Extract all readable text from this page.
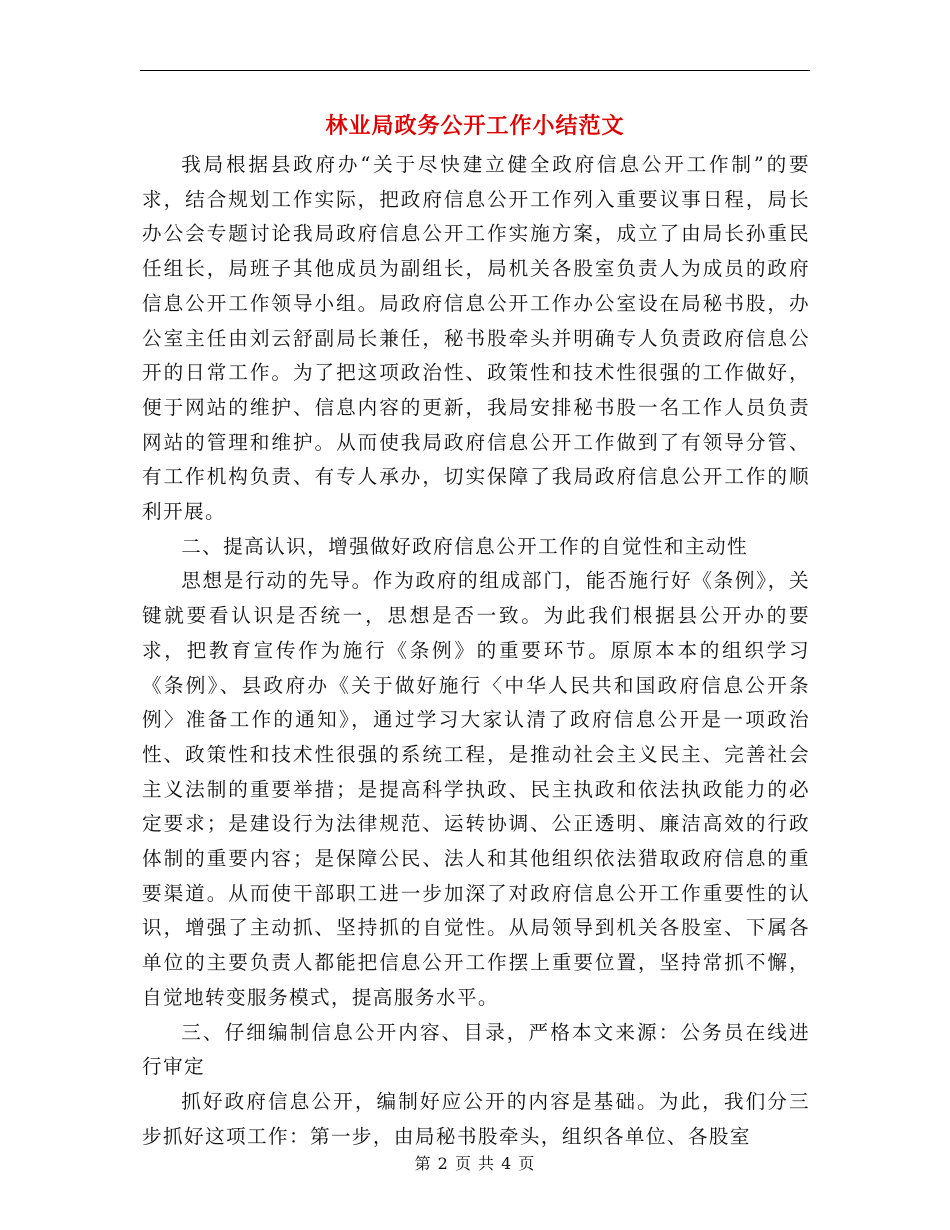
林业局政务公开工作小结范文

我局根据县政府办“关于尽快建立健全政府信息公开工作制”的要求，结合规划工作实际，把政府信息公开工作列入重要议事日程，局长办公会专题讨论我局政府信息公开工作实施方案，成立了由局长孙重民任组长，局班子其他成员为副组长，局机关各股室负责人为成员的政府信息公开工作领导小组。局政府信息公开工作办公室设在局秘书股，办公室主任由刘云舒副局长兼任，秘书股牵头并明确专人负责政府信息公开的日常工作。为了把这项政治性、政策性和技术性很强的工作做好，便于网站的维护、信息内容的更新，我局安排秘书股一名工作人员负责网站的管理和维护。从而使我局政府信息公开工作做到了有领导分管、有工作机构负责、有专人承办，切实保障了我局政府信息公开工作的顺利开展。

二、提高认识，增强做好政府信息公开工作的自觉性和主动性

思想是行动的先导。作为政府的组成部门，能否施行好《条例》，关键就要看认识是否统一，思想是否一致。为此我们根据县公开办的要求，把教育宣传作为施行《条例》的重要环节。原原本本的组织学习《条例》、县政府办《关于做好施行〈中华人民共和国政府信息公开条例〉准备工作的通知》，通过学习大家认清了政府信息公开是一项政治性、政策性和技术性很强的系统工程，是推动社会主义民主、完善社会主义法制的重要举措；是提高科学执政、民主执政和依法执政能力的必定要求；是建设行为法律规范、运转协调、公正透明、廉洁高效的行政体制的重要内容；是保障公民、法人和其他组织依法猎取政府信息的重要渠道。从而使干部职工进一步加深了对政府信息公开工作重要性的认识，增强了主动抓、坚持抓的自觉性。从局领导到机关各股室、下属各单位的主要负责人都能把信息公开工作摆上重要位置，坚持常抓不懈，自觉地转变服务模式，提高服务水平。

三、仔细编制信息公开内容、目录，严格本文来源：公务员在线进行审定

抓好政府信息公开，编制好应公开的内容是基础。为此，我们分三步抓好这项工作：第一步，由局秘书股牵头，组织各单位、各股室

第 2 页 共 4 页
